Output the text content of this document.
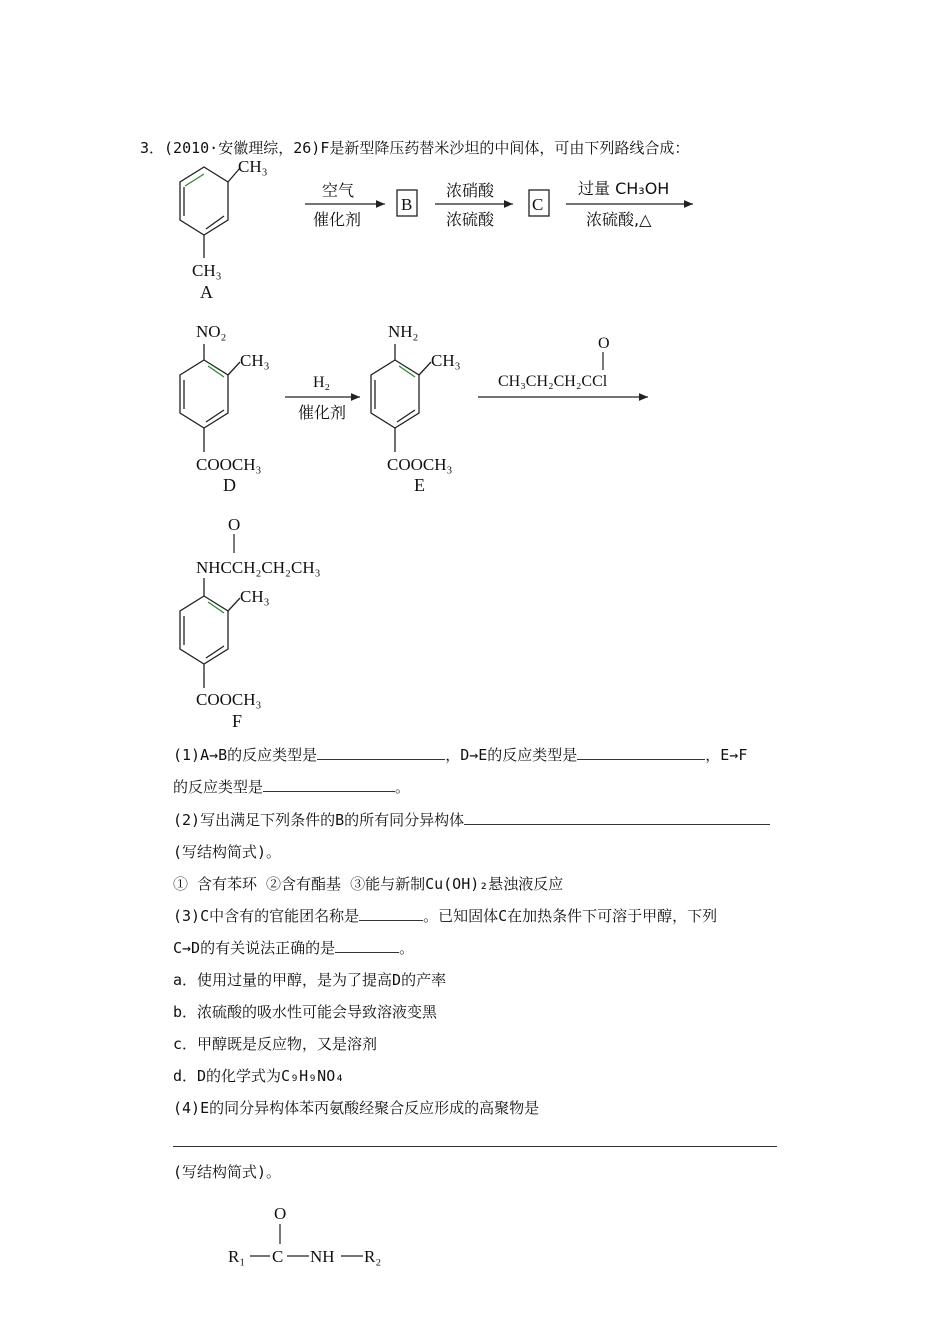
3．(2010·安徽理综，26)F是新型降压药替米沙坦的中间体，可由下列路线合成：
CH₃
CH₃
A
空气
催化剂
B
浓硝酸
浓硫酸
C
过量 CH₃OH
浓硫酸,△
NO₂
CH₃
COOCH₃
D
H₂
催化剂
NH₂
CH₃
COOCH₃
E
O
CH₃CH₂CH₂CCl
O
NHCCH₂CH₂CH₃
CH₃
COOCH₃
F
(1)A→B的反应类型是	，D→E的反应类型是	，E→F
的反应类型是	。
(2)写出满足下列条件的B的所有同分异构体
(写结构简式)。
① 含有苯环 ②含有酯基 ③能与新制Cu(OH)₂悬浊液反应
(3)C中含有的官能团名称是	。已知固体C在加热条件下可溶于甲醇，下列
C→D的有关说法正确的是	。
a．使用过量的甲醇，是为了提高D的产率
b．浓硫酸的吸水性可能会导致溶液变黑
c．甲醇既是反应物，又是溶剂
d．D的化学式为C₉H₉NO₄
(4)E的同分异构体苯丙氨酸经聚合反应形成的高聚物是
(写结构简式)。
O
R₁ C NH R₂
